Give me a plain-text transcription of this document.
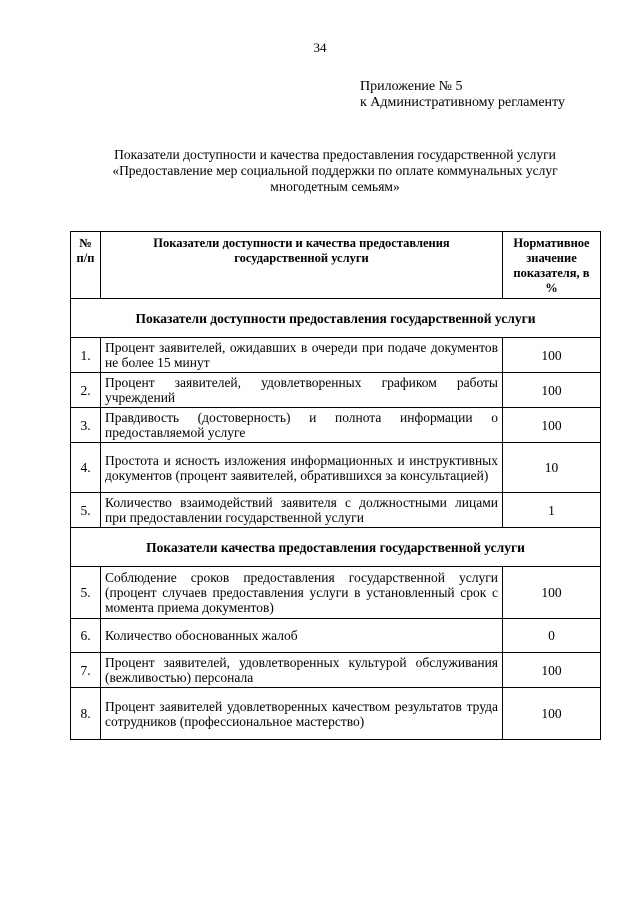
34
Приложение № 5
к Административному регламенту
Показатели доступности и качества предоставления государственной услуги
«Предоставление мер социальной поддержки по оплате коммунальных услуг
многодетным семьям»
№ п/п	Показатели доступности и качества предоставления государственной услуги	Нормативное значение показателя, в %
Показатели доступности предоставления государственной услуги		
1.	Процент заявителей, ожидавших в очереди при подаче документов не более 15 минут	100
2.	Процент заявителей, удовлетворенных графиком работы учреждений	100
3.	Правдивость (достоверность) и полнота информации о предоставляемой услуге	100
4.	Простота и ясность изложения информационных и инструктивных документов (процент заявителей, обратившихся за консультацией)	10
5.	Количество взаимодействий заявителя с должностными лицами при предоставлении государственной услуги	1
Показатели качества предоставления государственной услуги		
5.	Соблюдение сроков предоставления государственной услуги (процент случаев предоставления услуги в установленный срок с момента приема документов)	100
6.	Количество обоснованных жалоб	0
7.	Процент заявителей, удовлетворенных культурой обслуживания (вежливостью) персонала	100
8.	Процент заявителей удовлетворенных качеством результатов труда сотрудников (профессиональное мастерство)	100
